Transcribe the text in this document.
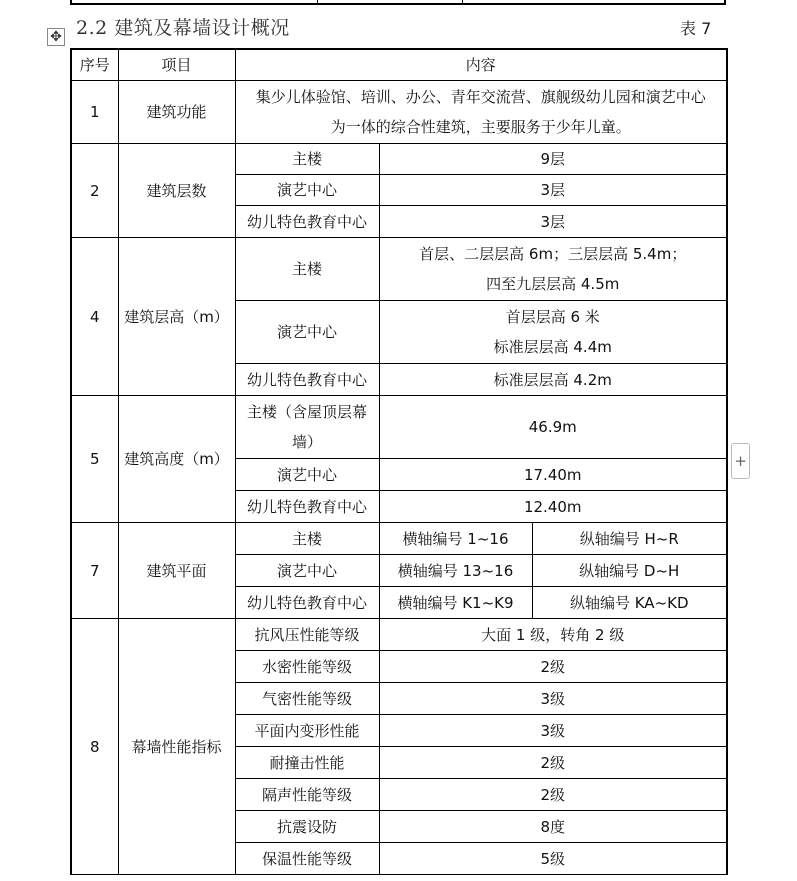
2.2 建筑及幕墙设计概况	表 7
✥
+
序号	项目	内容		
1	建筑功能	集少儿体验馆、培训、办公、青年交流营、旗舰级幼儿园和演艺中心
为一体的综合性建筑，主要服务于少年儿童。		

2	建筑层数	主楼	9层	
		演艺中心	3层	
		幼儿特色教育中心	3层	
4	建筑层高（m）	主楼	首层、二层层高 6m；三层层高 5.4m；
四至九层层高 4.5m	

		演艺中心	首层层高 6 米
标准层层高 4.4m	

		幼儿特色教育中心	标准层层高 4.2m	
5	建筑高度（m）	主楼（含屋顶层幕
墙）	46.9m	
		演艺中心	17.40m	
		幼儿特色教育中心	12.40m	
7	建筑平面	主楼	横轴编号 1~16	纵轴编号 H~R
		演艺中心	横轴编号 13~16	纵轴编号 D~H
		幼儿特色教育中心	横轴编号 K1~K9	纵轴编号 KA~KD
8	幕墙性能指标	抗风压性能等级	大面 1 级，转角 2 级	
		水密性能等级	2级	
		气密性能等级	3级	
		平面内变形性能	3级	
		耐撞击性能	2级	
		隔声性能等级	2级	
		抗震设防	8度	
		保温性能等级	5级	
